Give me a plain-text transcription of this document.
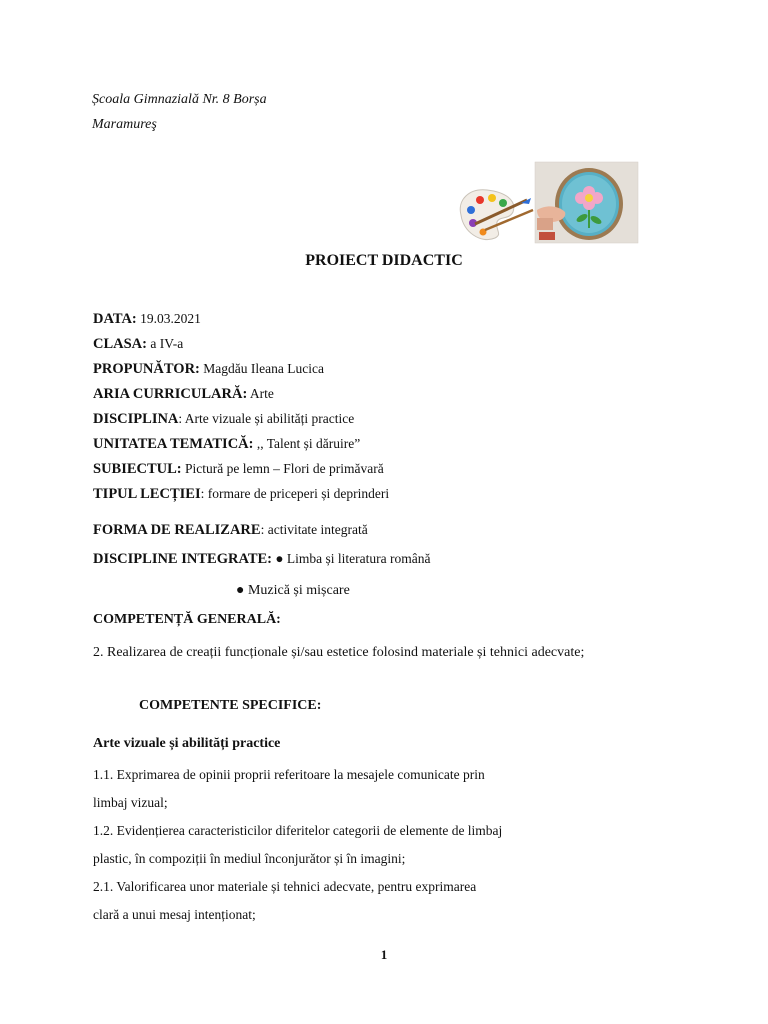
Școala Gimnazială Nr. 8 Borșa
Maramureş
PROIECT DIDACTIC
DATA: 19.03.2021
CLASA: a IV-a
PROPUNĂTOR: Magdău Ileana Lucica
ARIA CURRICULARĂ: Arte
DISCIPLINA: Arte vizuale și abilități practice
UNITATEA TEMATICĂ: ,, Talent și dăruire”
SUBIECTUL: Pictură pe lemn – Flori de primăvară
TIPUL LECȚIEI: formare de priceperi și deprinderi
FORMA DE REALIZARE: activitate integrată
DISCIPLINE INTEGRATE: ● Limba și literatura română
● Muzică și mișcare
COMPETENȚĂ GENERALĂ:
2. Realizarea de creații funcționale și/sau estetice folosind materiale și tehnici adecvate;
COMPETENTE SPECIFICE:
Arte vizuale și abilități practice
1.1. Exprimarea de opinii proprii referitoare la mesajele comunicate prin
limbaj vizual;
1.2. Evidențierea caracteristicilor diferitelor categorii de elemente de limbaj
plastic, în compoziții în mediul înconjurător și în imagini;
2.1. Valorificarea unor materiale și tehnici adecvate, pentru exprimarea
clară a unui mesaj intenționat;
1
